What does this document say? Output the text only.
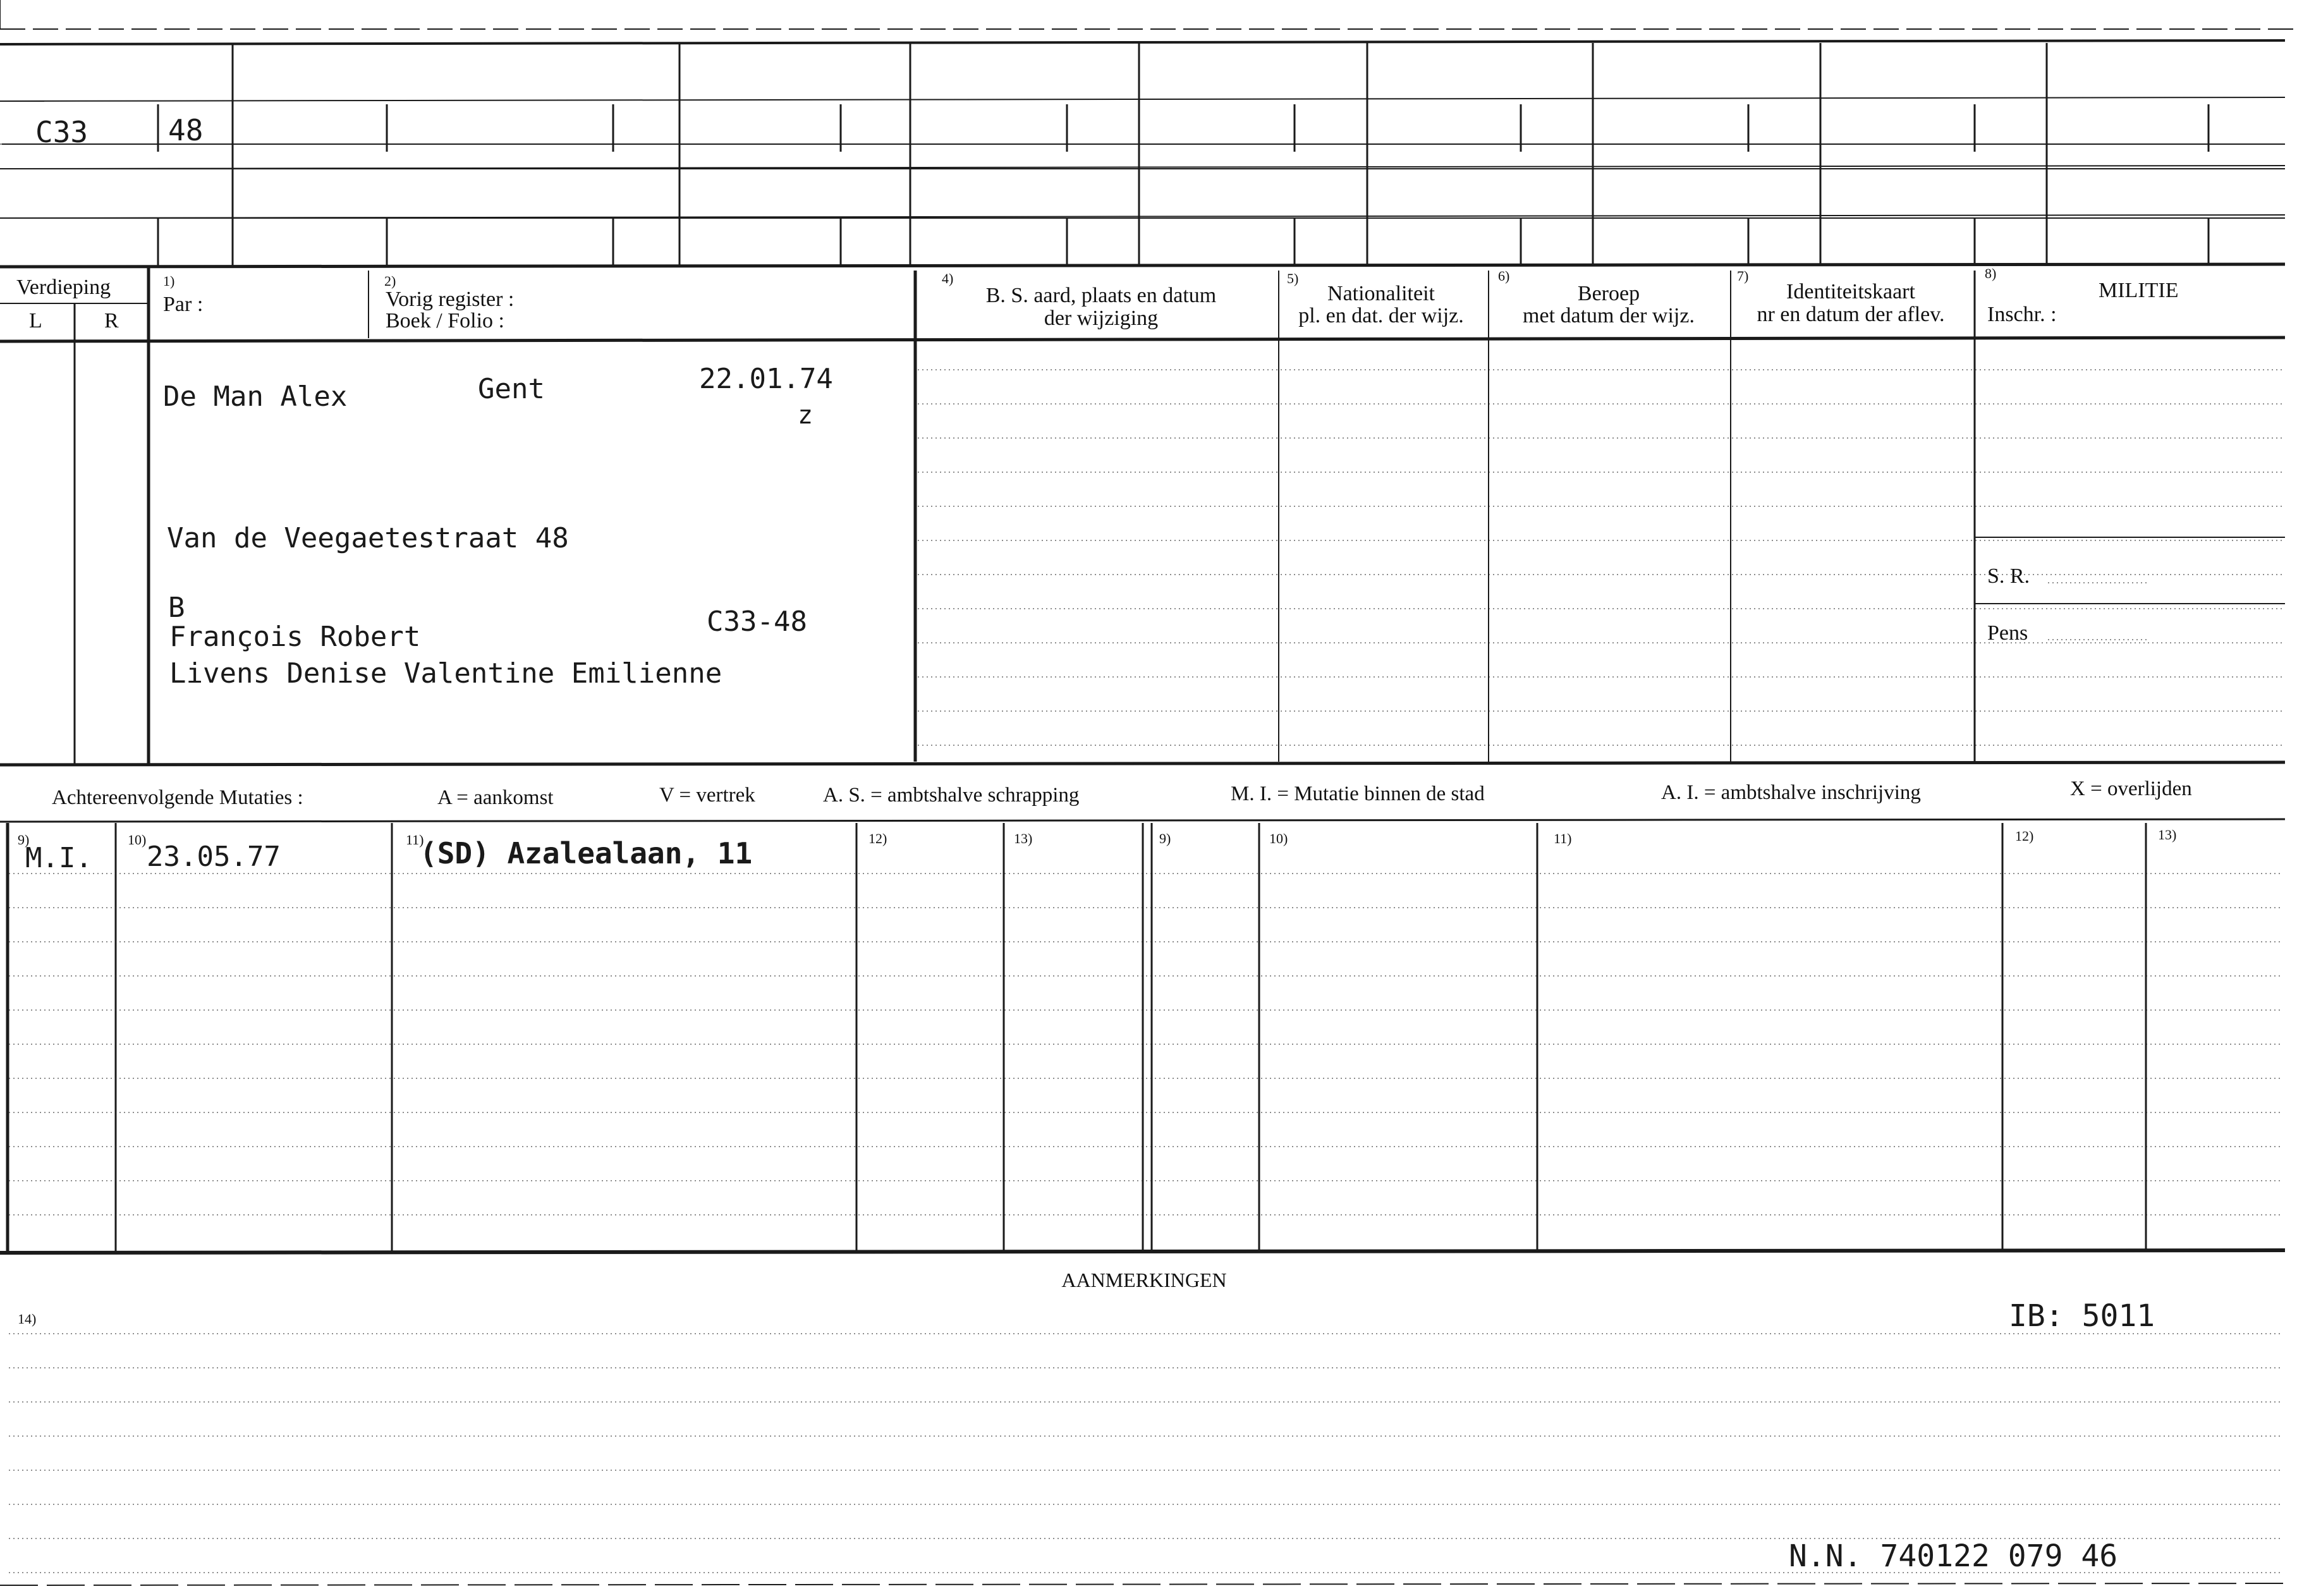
C33	48
Verdieping
L	R
1)
Par :
2)
Vorig register :
Boek / Folio :
4)
B. S. aard, plaats en datum
der wijziging
5)
Nationaliteit
pl. en dat. der wijz.
6)
Beroep
met datum der wijz.
7)
Identiteitskaart
nr en datum der aflev.
8)
MILITIE
Inschr. :
S. R.
Pens
De Man Alex	Gent	22.01.74
z
Van de Veegaetestraat 48
B
François Robert	C33-48
Livens Denise Valentine Emilienne
Achtereenvolgende Mutaties :	A = aankomst	V = vertrek	A. S. = ambtshalve schrapping	M. I. = Mutatie binnen de stad	A. I. = ambtshalve inschrijving	X = overlijden
9)	10)	11)	12)	13)	9)	10)	11)	12)	13)
M.I. 23.05.77	(SD) Azalealaan, 11
AANMERKINGEN
14)	IB: 5011
N.N. 740122 079 46
